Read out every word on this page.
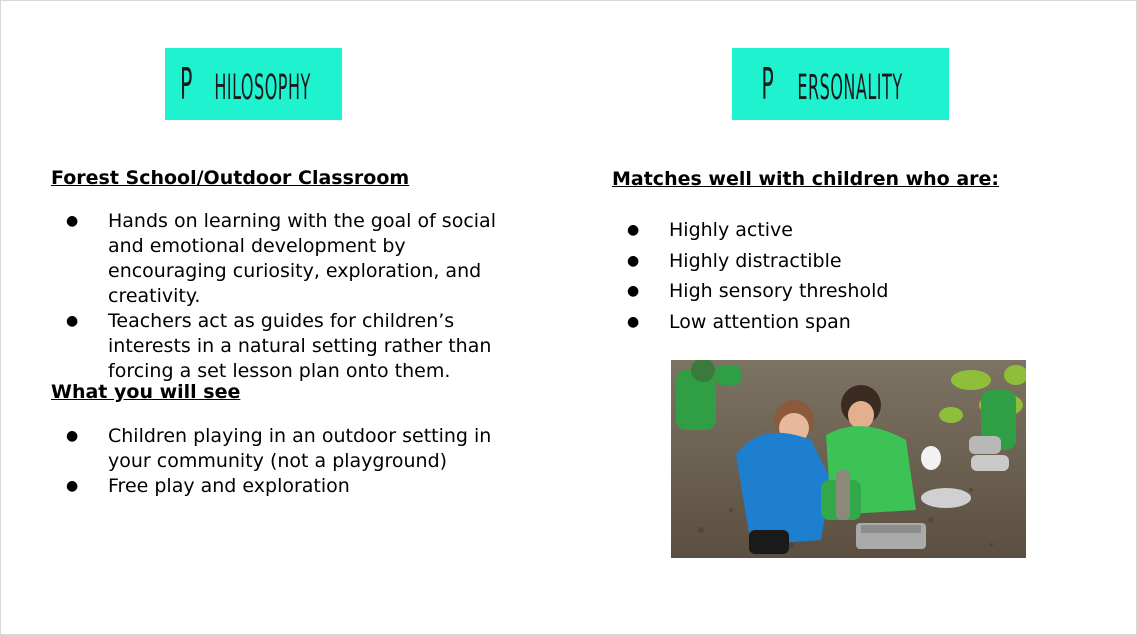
P HILOSOPHY	P ERSONALITY
Forest School/Outdoor Classroom
● Hands on learning with the goal of social and emotional development by encouraging curiosity, exploration, and creativity.
● Teachers act as guides for children’s interests in a natural setting rather than forcing a set lesson plan onto them.
What you will see
● Children playing in an outdoor setting in your community (not a playground)
● Free play and exploration
Matches well with children who are:
● Highly active
● Highly distractible
● High sensory threshold
● Low attention span
